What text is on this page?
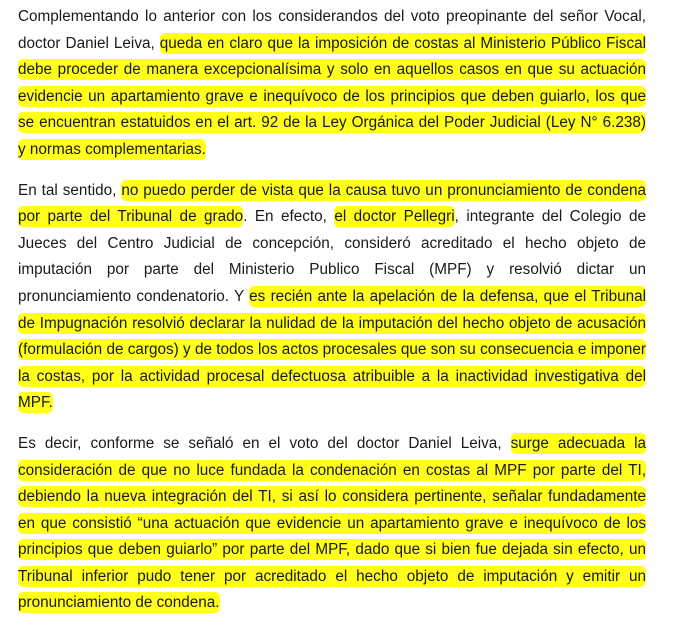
Complementando lo anterior con los considerandos del voto preopinante del señor Vocal, doctor Daniel Leiva, queda en claro que la imposición de costas al Ministerio Público Fiscal debe proceder de manera excepcionalísima y solo en aquellos casos en que su actuación evidencie un apartamiento grave e inequívoco de los principios que deben guiarlo, los que se encuentran estatuidos en el art. 92 de la Ley Orgánica del Poder Judicial (Ley N° 6.238) y normas complementarias.

En tal sentido, no puedo perder de vista que la causa tuvo un pronunciamiento de condena por parte del Tribunal de grado. En efecto, el doctor Pellegri, integrante del Colegio de Jueces del Centro Judicial de concepción, consideró acreditado el hecho objeto de imputación por parte del Ministerio Publico Fiscal (MPF) y resolvió dictar un pronunciamiento condenatorio. Y es recién ante la apelación de la defensa, que el Tribunal de Impugnación resolvió declarar la nulidad de la imputación del hecho objeto de acusación (formulación de cargos) y de todos los actos procesales que son su consecuencia e imponer la costas, por la actividad procesal defectuosa atribuible a la inactividad investigativa del MPF.

Es decir, conforme se señaló en el voto del doctor Daniel Leiva, surge adecuada la consideración de que no luce fundada la condenación en costas al MPF por parte del TI, debiendo la nueva integración del TI, si así lo considera pertinente, señalar fundadamente en que consistió “una actuación que evidencie un apartamiento grave e inequívoco de los principios que deben guiarlo” por parte del MPF, dado que si bien fue dejada sin efecto, un Tribunal inferior pudo tener por acreditado el hecho objeto de imputación y emitir un pronunciamiento de condena.
